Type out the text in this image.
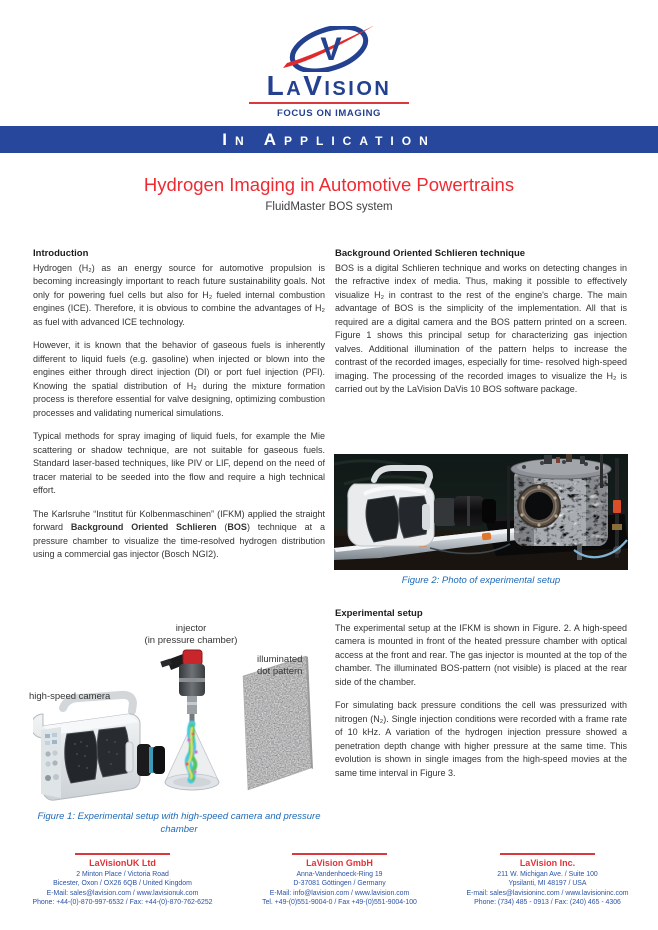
V
LaVision
FOCUS ON IMAGING
In Application
Hydrogen Imaging in Automotive Powertrains
FluidMaster BOS system
Introduction

Hydrogen (H₂) as an energy source for automotive propulsion is becoming increasingly important to reach future sustainability goals. Not only for powering fuel cells but also for H₂ fueled internal combustion engines (ICE). Therefore, it is obvious to combine the advantages of H₂ as fuel with advanced ICE technology.

However, it is known that the behavior of gaseous fuels is inherently different to liquid fuels (e.g. gasoline) when injected or blown into the engines either through direct injection (DI) or port fuel injection (PFI). Knowing the spatial distribution of H₂ during the mixture formation process is therefore essential for valve designing, optimizing combustion processes and validating numerical simulations.

Typical methods for spray imaging of liquid fuels, for example the Mie scattering or shadow technique, are not suitable for gaseous fuels. Standard laser-based techniques, like PIV or LIF, depend on the need of tracer material to be seeded into the flow and require a high technical effort.

The Karlsruhe “Institut für Kolbenmaschinen” (IFKM) applied the straight forward Background Oriented Schlieren (BOS) technique at a pressure chamber to visualize the time-resolved hydrogen distribution using a commercial gas injector (Bosch NGI2).

Background Oriented Schlieren technique

BOS is a digital Schlieren technique and works on detecting changes in the refractive index of media. Thus, making it possible to effectively visualize H₂ in contrast to the rest of the engine's charge. The main advantage of BOS is the simplicity of the implementation. All that is required are a digital camera and the BOS pattern printed on a screen. Figure 1 shows this principal setup for characterizing gas injection valves. Additional illumination of the pattern helps to increase the contrast of the recorded images, especially for time- resolved high-speed imaging. The processing of the recorded images to visualize the H₂ is carried out by the LaVision DaVis 10 BOS software package.

Figure 2: Photo of experimental setup
Experimental setup

The experimental setup at the IFKM is shown in Figure. 2. A high-speed camera is mounted in front of the heated pressure chamber with optical access at the front and rear. The gas injector is mounted at the top of the chamber. The illuminated BOS-pattern (not visible) is placed at the rear side of the chamber.

For simulating back pressure conditions the cell was pressurized with nitrogen (N₂). Single injection conditions were recorded with a frame rate of 10 kHz. A variation of the hydrogen injection pressure showed a penetration depth change with higher pressure at the same time. This evolution is shown in single images from the high-speed movies at the same time interval in Figure 3.

injector
(in pressure chamber)
illuminated
dot pattern
high-speed camera
Figure 1: Experimental setup with high-speed camera and pressure chamber
LaVisionUK Ltd
2 Minton Place / Victoria Road
Bicester, Oxon / OX26 6QB / United Kingdom
E-Mail: sales@lavision.com / www.lavisionuk.com
Phone: +44-(0)-870-997-6532 / Fax: +44-(0)-870-762-6252
LaVision GmbH
Anna-Vandenhoeck-Ring 19
D-37081 Göttingen / Germany
E-Mail: info@lavision.com / www.lavision.com
Tel. +49-(0)551-9004-0 / Fax +49-(0)551-9004-100
LaVision Inc.
211 W. Michigan Ave. / Suite 100
Ypsilanti, MI 48197 / USA
E-mail: sales@lavisioninc.com / www.lavisioninc.com
Phone: (734) 485 - 0913 / Fax: (240) 465 - 4306
